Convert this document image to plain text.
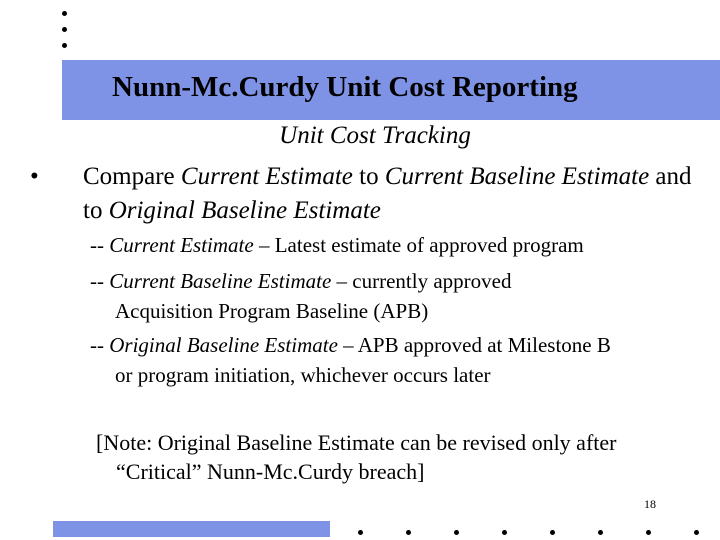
Nunn-Mc.Curdy Unit Cost Reporting
Unit Cost Tracking
• Compare Current Estimate to Current Baseline Estimate and to Original Baseline Estimate
-- Current Estimate – Latest estimate of approved program
-- Current Baseline Estimate – currently approved
Acquisition Program Baseline (APB)
-- Original Baseline Estimate – APB approved at Milestone B
or program initiation, whichever occurs later
[Note: Original Baseline Estimate can be revised only after
“Critical” Nunn-Mc.Curdy breach]
18
